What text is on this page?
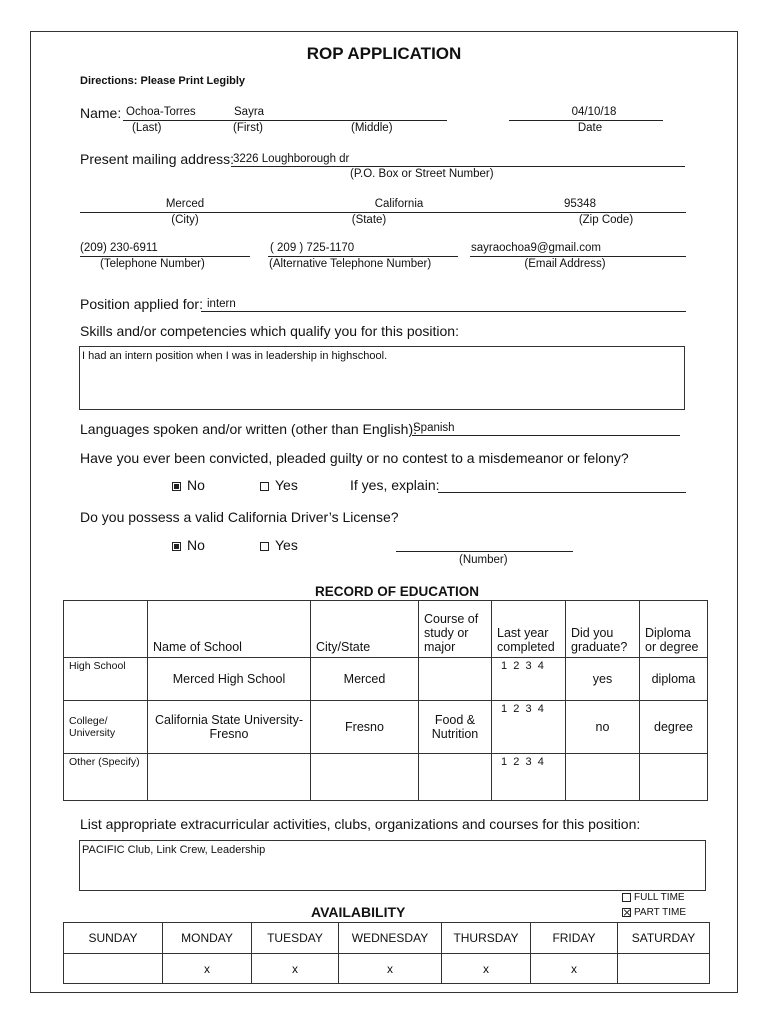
ROP APPLICATION
Directions: Please Print Legibly
Name: Ochoa-Torres	Sayra	04/10/18
(Last)	(First)	(Middle)	Date
Present mailing address:
3226 Loughborough dr
(P.O. Box or Street Number)
Merced	California	95348
(City)	(State)	(Zip Code)
(209) 230-6911	( 209 ) 725-1170	sayraochoa9@gmail.com
(Telephone Number)	(Alternative Telephone Number)	(Email Address)
Position applied for: intern
Skills and/or competencies which qualify you for this position:
I had an intern position when I was in leadership in highschool.
Languages spoken and/or written (other than English):
Spanish
Have you ever been convicted, pleaded guilty or no contest to a misdemeanor or felony?
No	Yes	If yes, explain:
Do you possess a valid California Driver’s License?
No	Yes
(Number)
RECORD OF EDUCATION
	Name of School	City/State	Course of study or major	Last year completed	Did you graduate?	Diploma or degree
High School	Merced High School	Merced		1  2  3  4	yes	diploma
College/ University	California State University- Fresno	Fresno	Food & Nutrition	1  2  3  4	no	degree
Other (Specify)				1  2  3  4		
List appropriate extracurricular activities, clubs, organizations and courses for this position:
PACIFIC Club, Link Crew, Leadership
AVAILABILITY
FULL TIME
PART TIME
SUNDAY	MONDAY	TUESDAY	WEDNESDAY	THURSDAY	FRIDAY	SATURDAY
	x	x	x	x	x	
